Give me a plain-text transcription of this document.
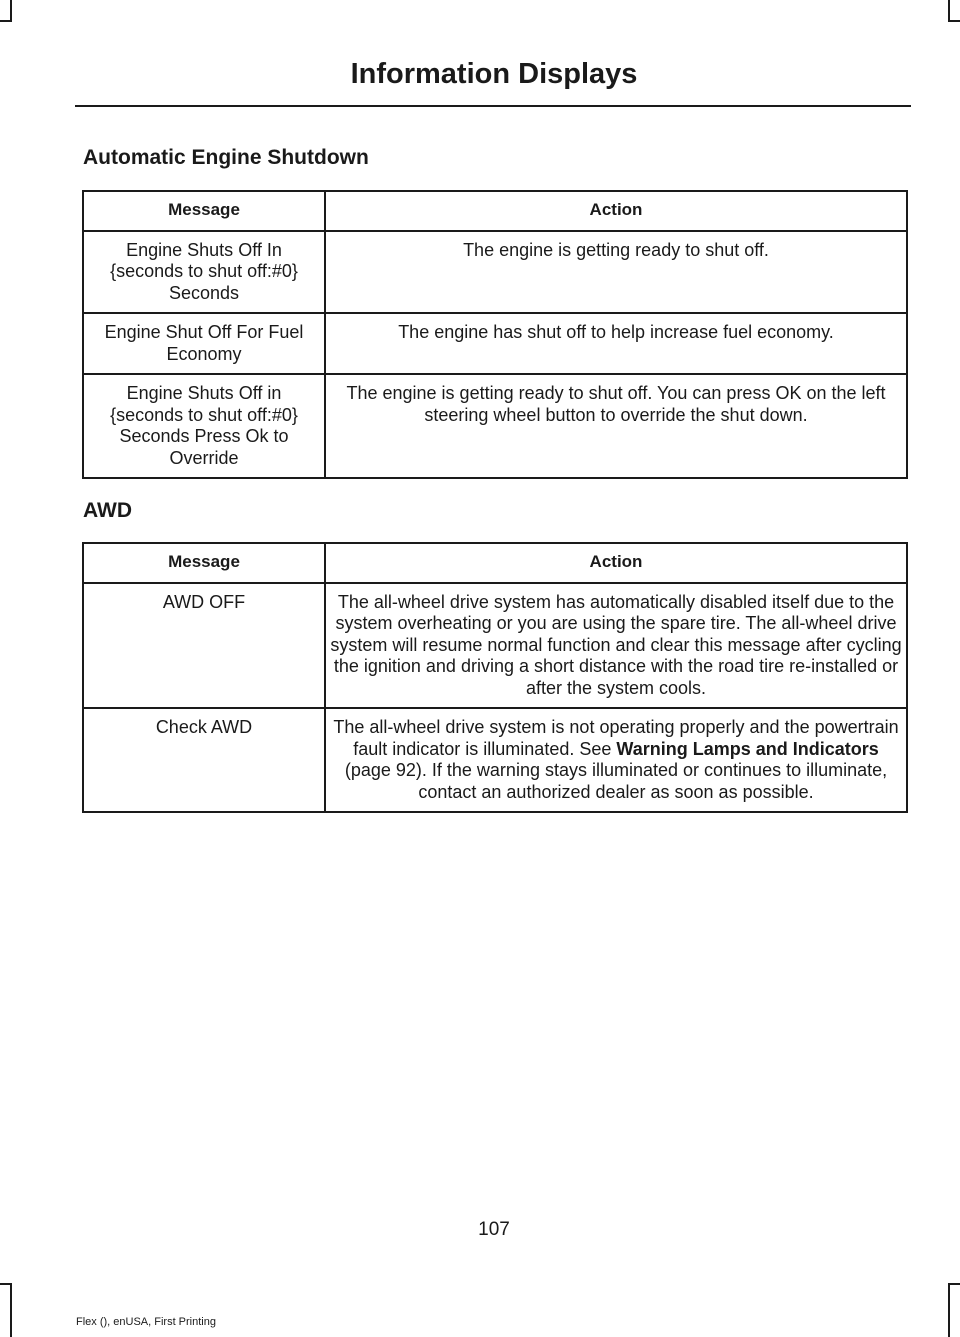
Information Displays
Automatic Engine Shutdown
Message	Action
Engine Shuts Off In {seconds to shut off:#0} Seconds	The engine is getting ready to shut off.
Engine Shut Off For Fuel Economy	The engine has shut off to help increase fuel economy.
Engine Shuts Off in {seconds to shut off:#0} Seconds Press Ok to Override	The engine is getting ready to shut off. You can press OK on the left steering wheel button to override the shut down.
AWD
Message	Action
AWD OFF	The all-wheel drive system has automatically disabled itself due to the system overheating or you are using the spare tire. The all-wheel drive system will resume normal function and clear this message after cycling the ignition and driving a short distance with the road tire re-installed or after the system cools.
Check AWD	The all-wheel drive system is not operating properly and the powertrain fault indicator is illuminated. See Warning Lamps and Indicators (page 92). If the warning stays illuminated or continues to illuminate, contact an authorized dealer as soon as possible.
107
Flex (), enUSA, First Printing
